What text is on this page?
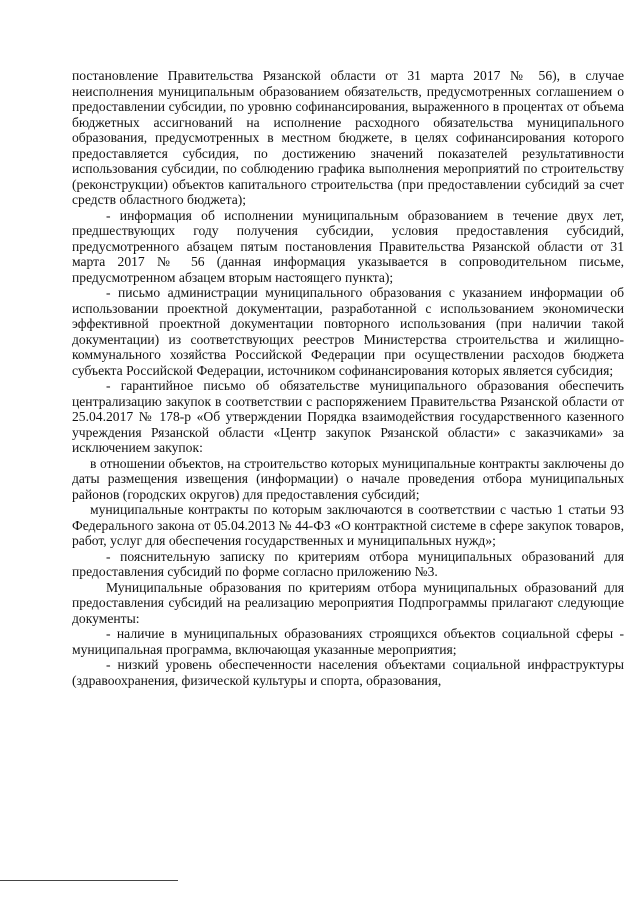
постановление Правительства Рязанской области от 31 марта 2017 № 56), в случае неисполнения муниципальным образованием обязательств, предусмотренных соглашением о предоставлении субсидии, по уровню софинансирования, выраженного в процентах от объема бюджетных ассигнований на исполнение расходного обязательства муниципального образования, предусмотренных в местном бюджете, в целях софинансирования которого предоставляется субсидия, по достижению значений показателей результативности использования субсидии, по соблюдению графика выполнения мероприятий по строительству (реконструкции) объектов капитального строительства (при предоставлении субсидий за счет средств областного бюджета);

- информация об исполнении муниципальным образованием в течение двух лет, предшествующих году получения субсидии, условия предоставления субсидий, предусмотренного абзацем пятым постановления Правительства Рязанской области от 31 марта 2017 № 56 (данная информация указывается в сопроводительном письме, предусмотренном абзацем вторым настоящего пункта);

- письмо администрации муниципального образования с указанием информации об использовании проектной документации, разработанной с использованием экономически эффективной проектной документации повторного использования (при наличии такой документации) из соответствующих реестров Министерства строительства и жилищно-коммунального хозяйства Российской Федерации при осуществлении расходов бюджета субъекта Российской Федерации, источником софинансирования которых является субсидия;

- гарантийное письмо об обязательстве муниципального образования обеспечить централизацию закупок в соответствии с распоряжением Правительства Рязанской области от 25.04.2017 № 178-р «Об утверждении Порядка взаимодействия государственного казенного учреждения Рязанской области «Центр закупок Рязанской области» с заказчиками» за исключением закупок:

в отношении объектов, на строительство которых муниципальные контракты заключены до даты размещения извещения (информации) о начале проведения отбора муниципальных районов (городских округов) для предоставления субсидий;

муниципальные контракты по которым заключаются в соответствии с частью 1 статьи 93 Федерального закона от 05.04.2013 № 44-ФЗ «О контрактной системе в сфере закупок товаров, работ, услуг для обеспечения государственных и муниципальных нужд»;

- пояснительную записку по критериям отбора муниципальных образований для предоставления субсидий по форме согласно приложению №3.

Муниципальные образования по критериям отбора муниципальных образований для предоставления субсидий на реализацию мероприятия Подпрограммы прилагают следующие документы:

- наличие в муниципальных образованиях строящихся объектов социальной сферы - муниципальная программа, включающая указанные мероприятия;

- низкий уровень обеспеченности населения объектами социальной инфраструктуры (здравоохранения, физической культуры и спорта, образования,
